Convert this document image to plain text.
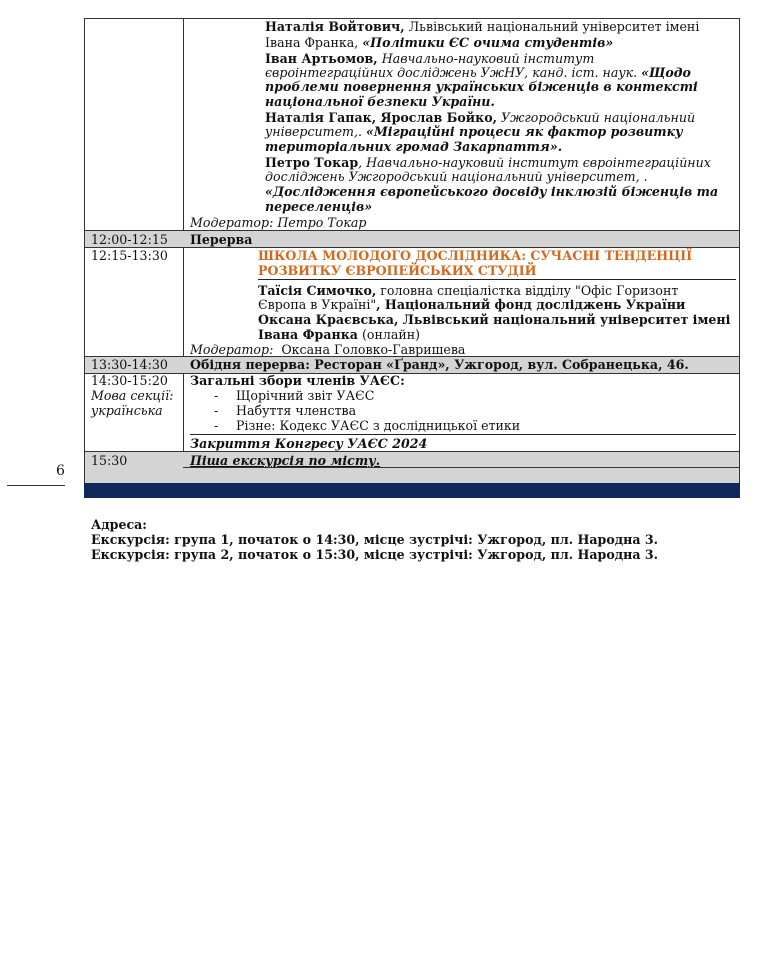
Наталія Войтович, Львівський національний університет імені
Івана Франка, «Політики ЄС очима студентів»
Іван Артьомов, Навчально-науковий інститут
євроінтеграційних досліджень УжНУ, канд. іст. наук. «Щодо
проблеми повернення українських біженців в контексті
національної безпеки України.
Наталія Гапак, Ярослав Бойко, Ужгородський національний
університет,. «Міграційні процеси як фактор розвитку
територіальних громад Закарпаття».
Петро Токар, Навчально-науковий інститут євроінтеграційних
досліджень Ужгородський національний університет, .
«Дослідження європейського досвіду інклюзій біженців та
переселенців»
Модератор: Петро Токар
12:00-12:15 Перерва
12:15-13:30	ШКОЛА МОЛОДОГО ДОСЛІДНИКА: СУЧАСНІ ТЕНДЕНЦІЇ
РОЗВИТКУ ЄВРОПЕЙСЬКИХ СТУДІЙ
Таїсія Симочко, головна спеціалістка відділу "Офіс Горизонт
Європа в Україні", Національний фонд досліджень України
Оксана Краєвська, Львівський національний університет імені
Івана Франка (онлайн)
Модератор: Оксана Головко-Гавришева
13:30-14:30 Обідня перерва: Ресторан «Ґранд», Ужгород, вул. Собранецька, 46.
14:30-15:20
Мова секції:
українська
Загальні збори членів УАЄС:
- Щорічний звіт УАЄС
- Набуття членства
- Різне: Кодекс УАЄС з дослідницької етики
Закриття Конгресу УАЄС 2024
15:30	Піша екскурсія по місту.
6
Адреса:
Екскурсія: група 1, початок о 14:30, місце зустрічі: Ужгород, пл. Народна 3.
Екскурсія: група 2, початок о 15:30, місце зустрічі: Ужгород, пл. Народна 3.
